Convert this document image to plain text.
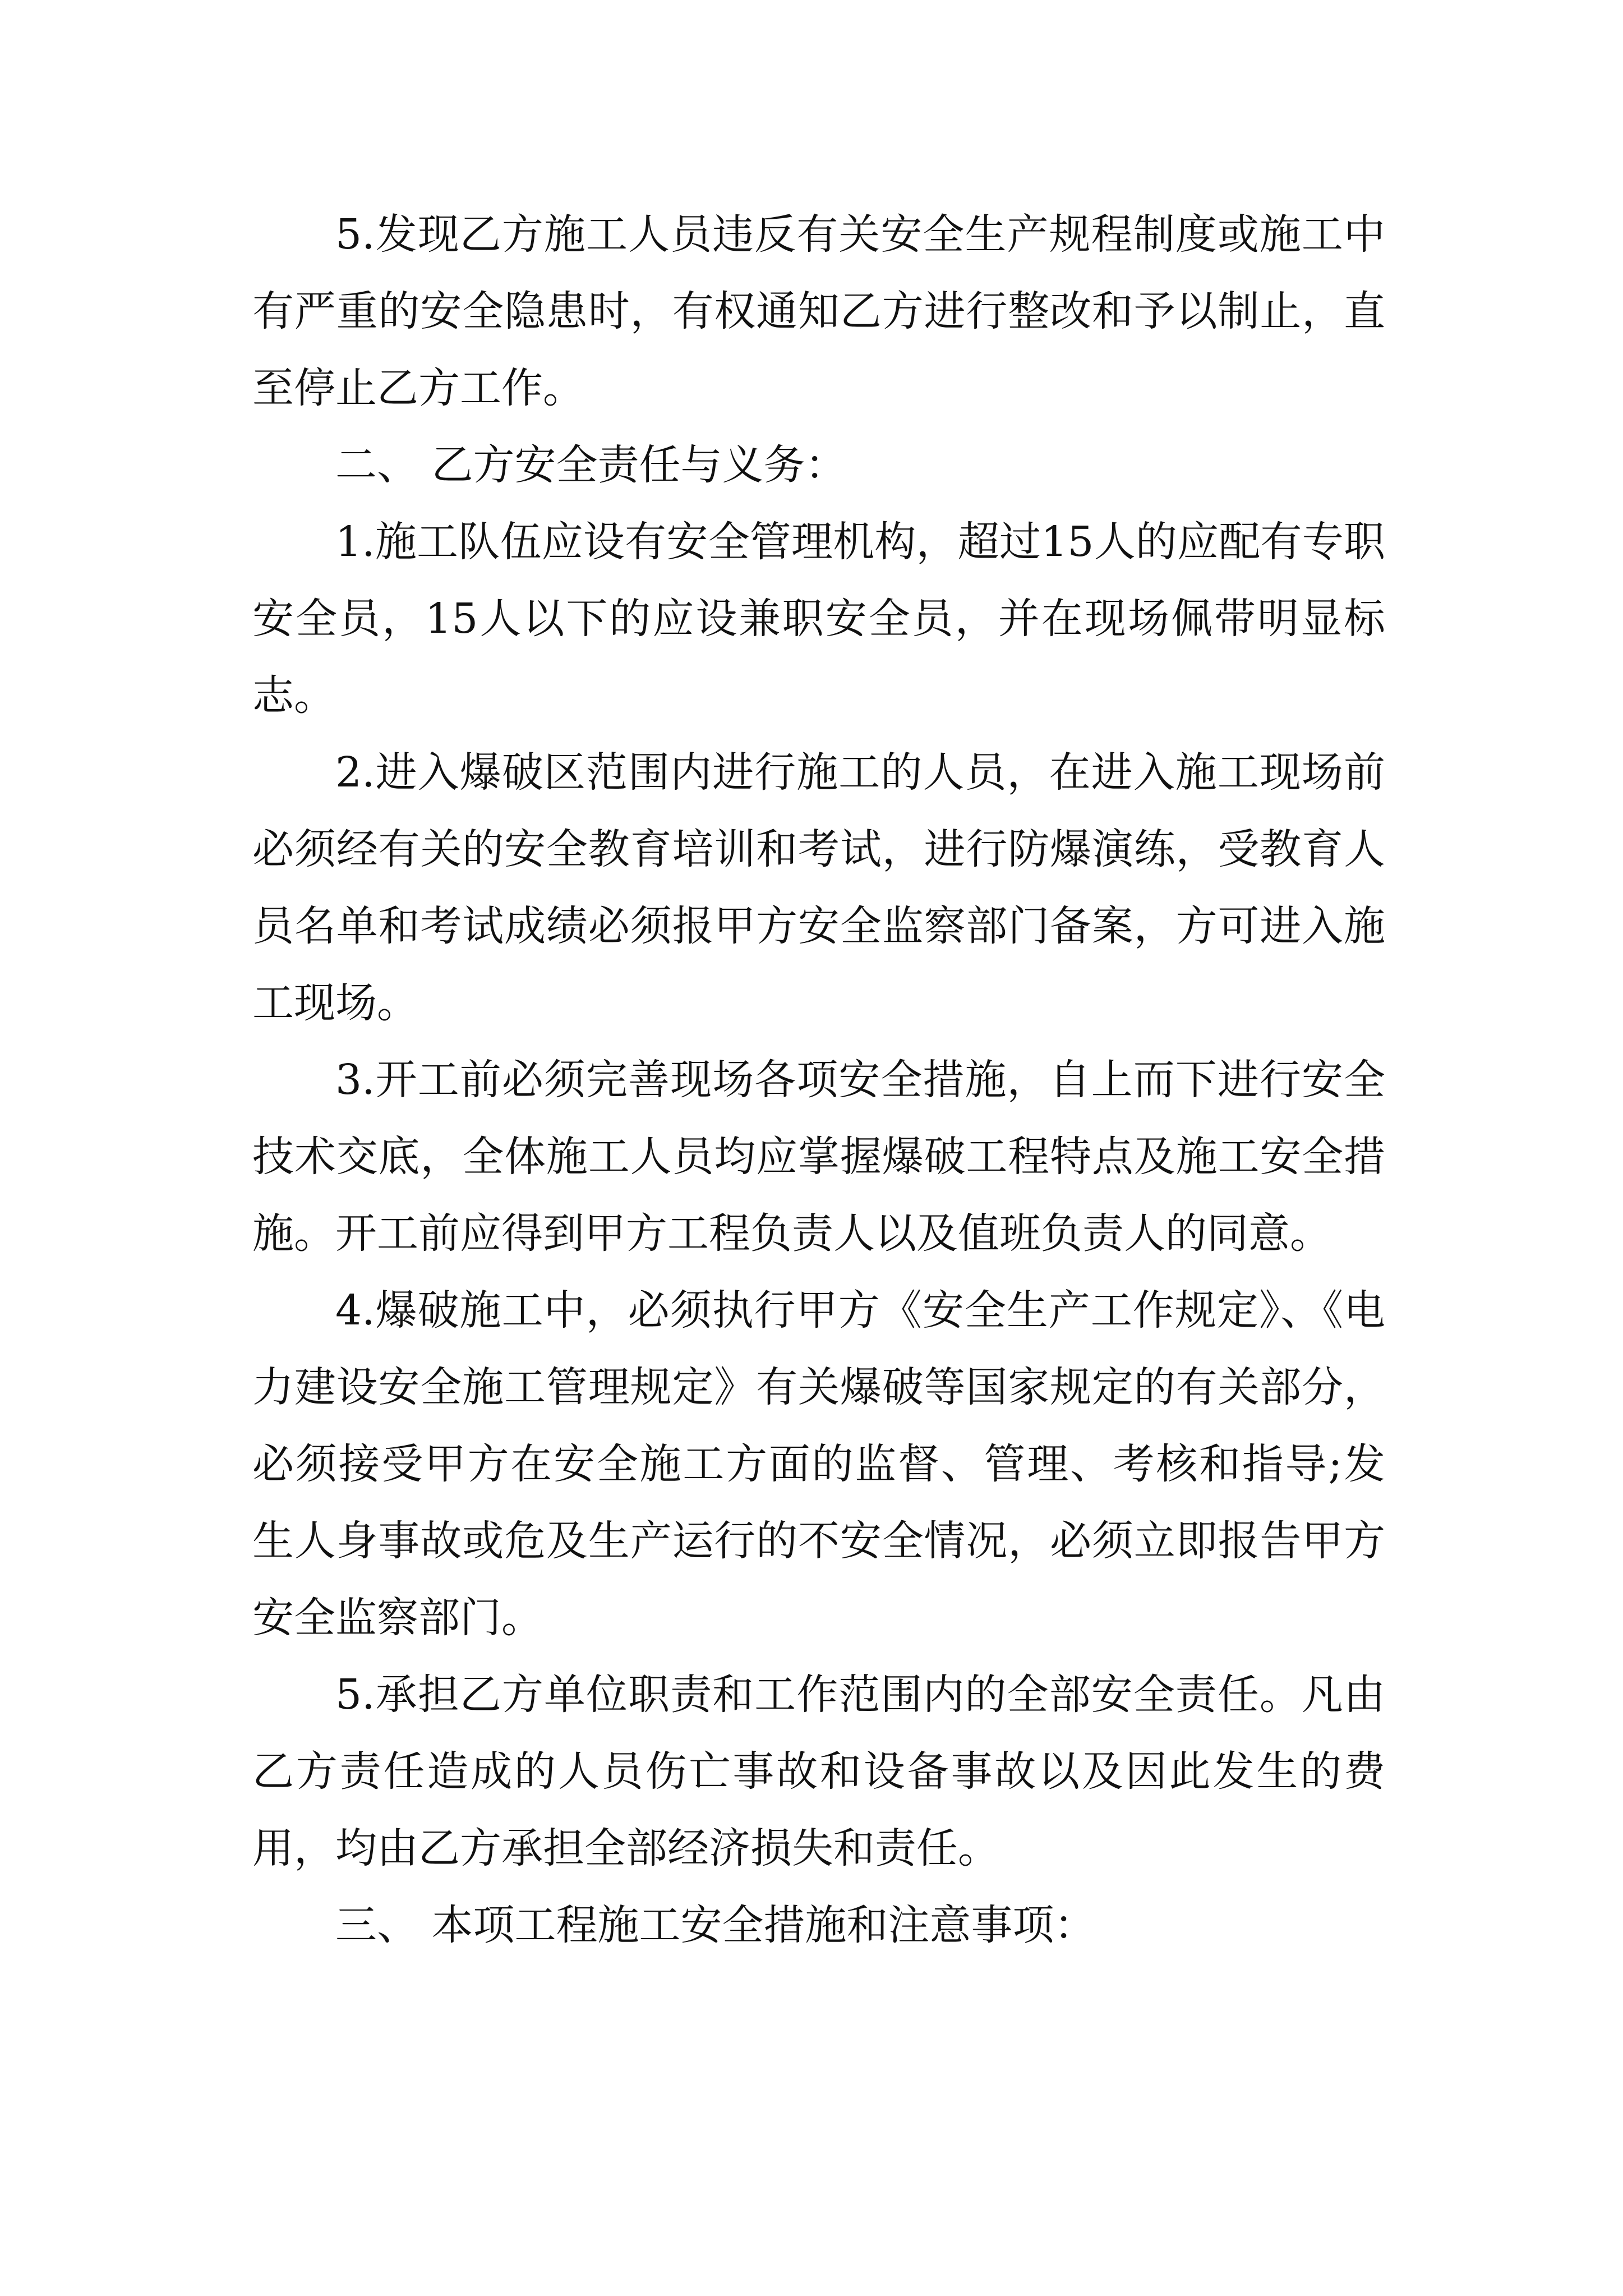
5.发现乙方施工人员违反有关安全生产规程制度或施工中有严重的安全隐患时，有权通知乙方进行整改和予以制止，直至停止乙方工作。

二、 乙方安全责任与义务：

1.施工队伍应设有安全管理机构，超过15人的应配有专职安全员，15人以下的应设兼职安全员，并在现场佩带明显标志。

2.进入爆破区范围内进行施工的人员，在进入施工现场前必须经有关的安全教育培训和考试，进行防爆演练，受教育人员名单和考试成绩必须报甲方安全监察部门备案，方可进入施工现场。

3.开工前必须完善现场各项安全措施，自上而下进行安全技术交底，全体施工人员均应掌握爆破工程特点及施工安全措施。开工前应得到甲方工程负责人以及值班负责人的同意。

4.爆破施工中，必须执行甲方《安全生产工作规定》、《电力建设安全施工管理规定》有关爆破等国家规定的有关部分，必须接受甲方在安全施工方面的监督、管理、考核和指导;发生人身事故或危及生产运行的不安全情况，必须立即报告甲方安全监察部门。

5.承担乙方单位职责和工作范围内的全部安全责任。凡由乙方责任造成的人员伤亡事故和设备事故以及因此发生的费用，均由乙方承担全部经济损失和责任。

三、 本项工程施工安全措施和注意事项：
